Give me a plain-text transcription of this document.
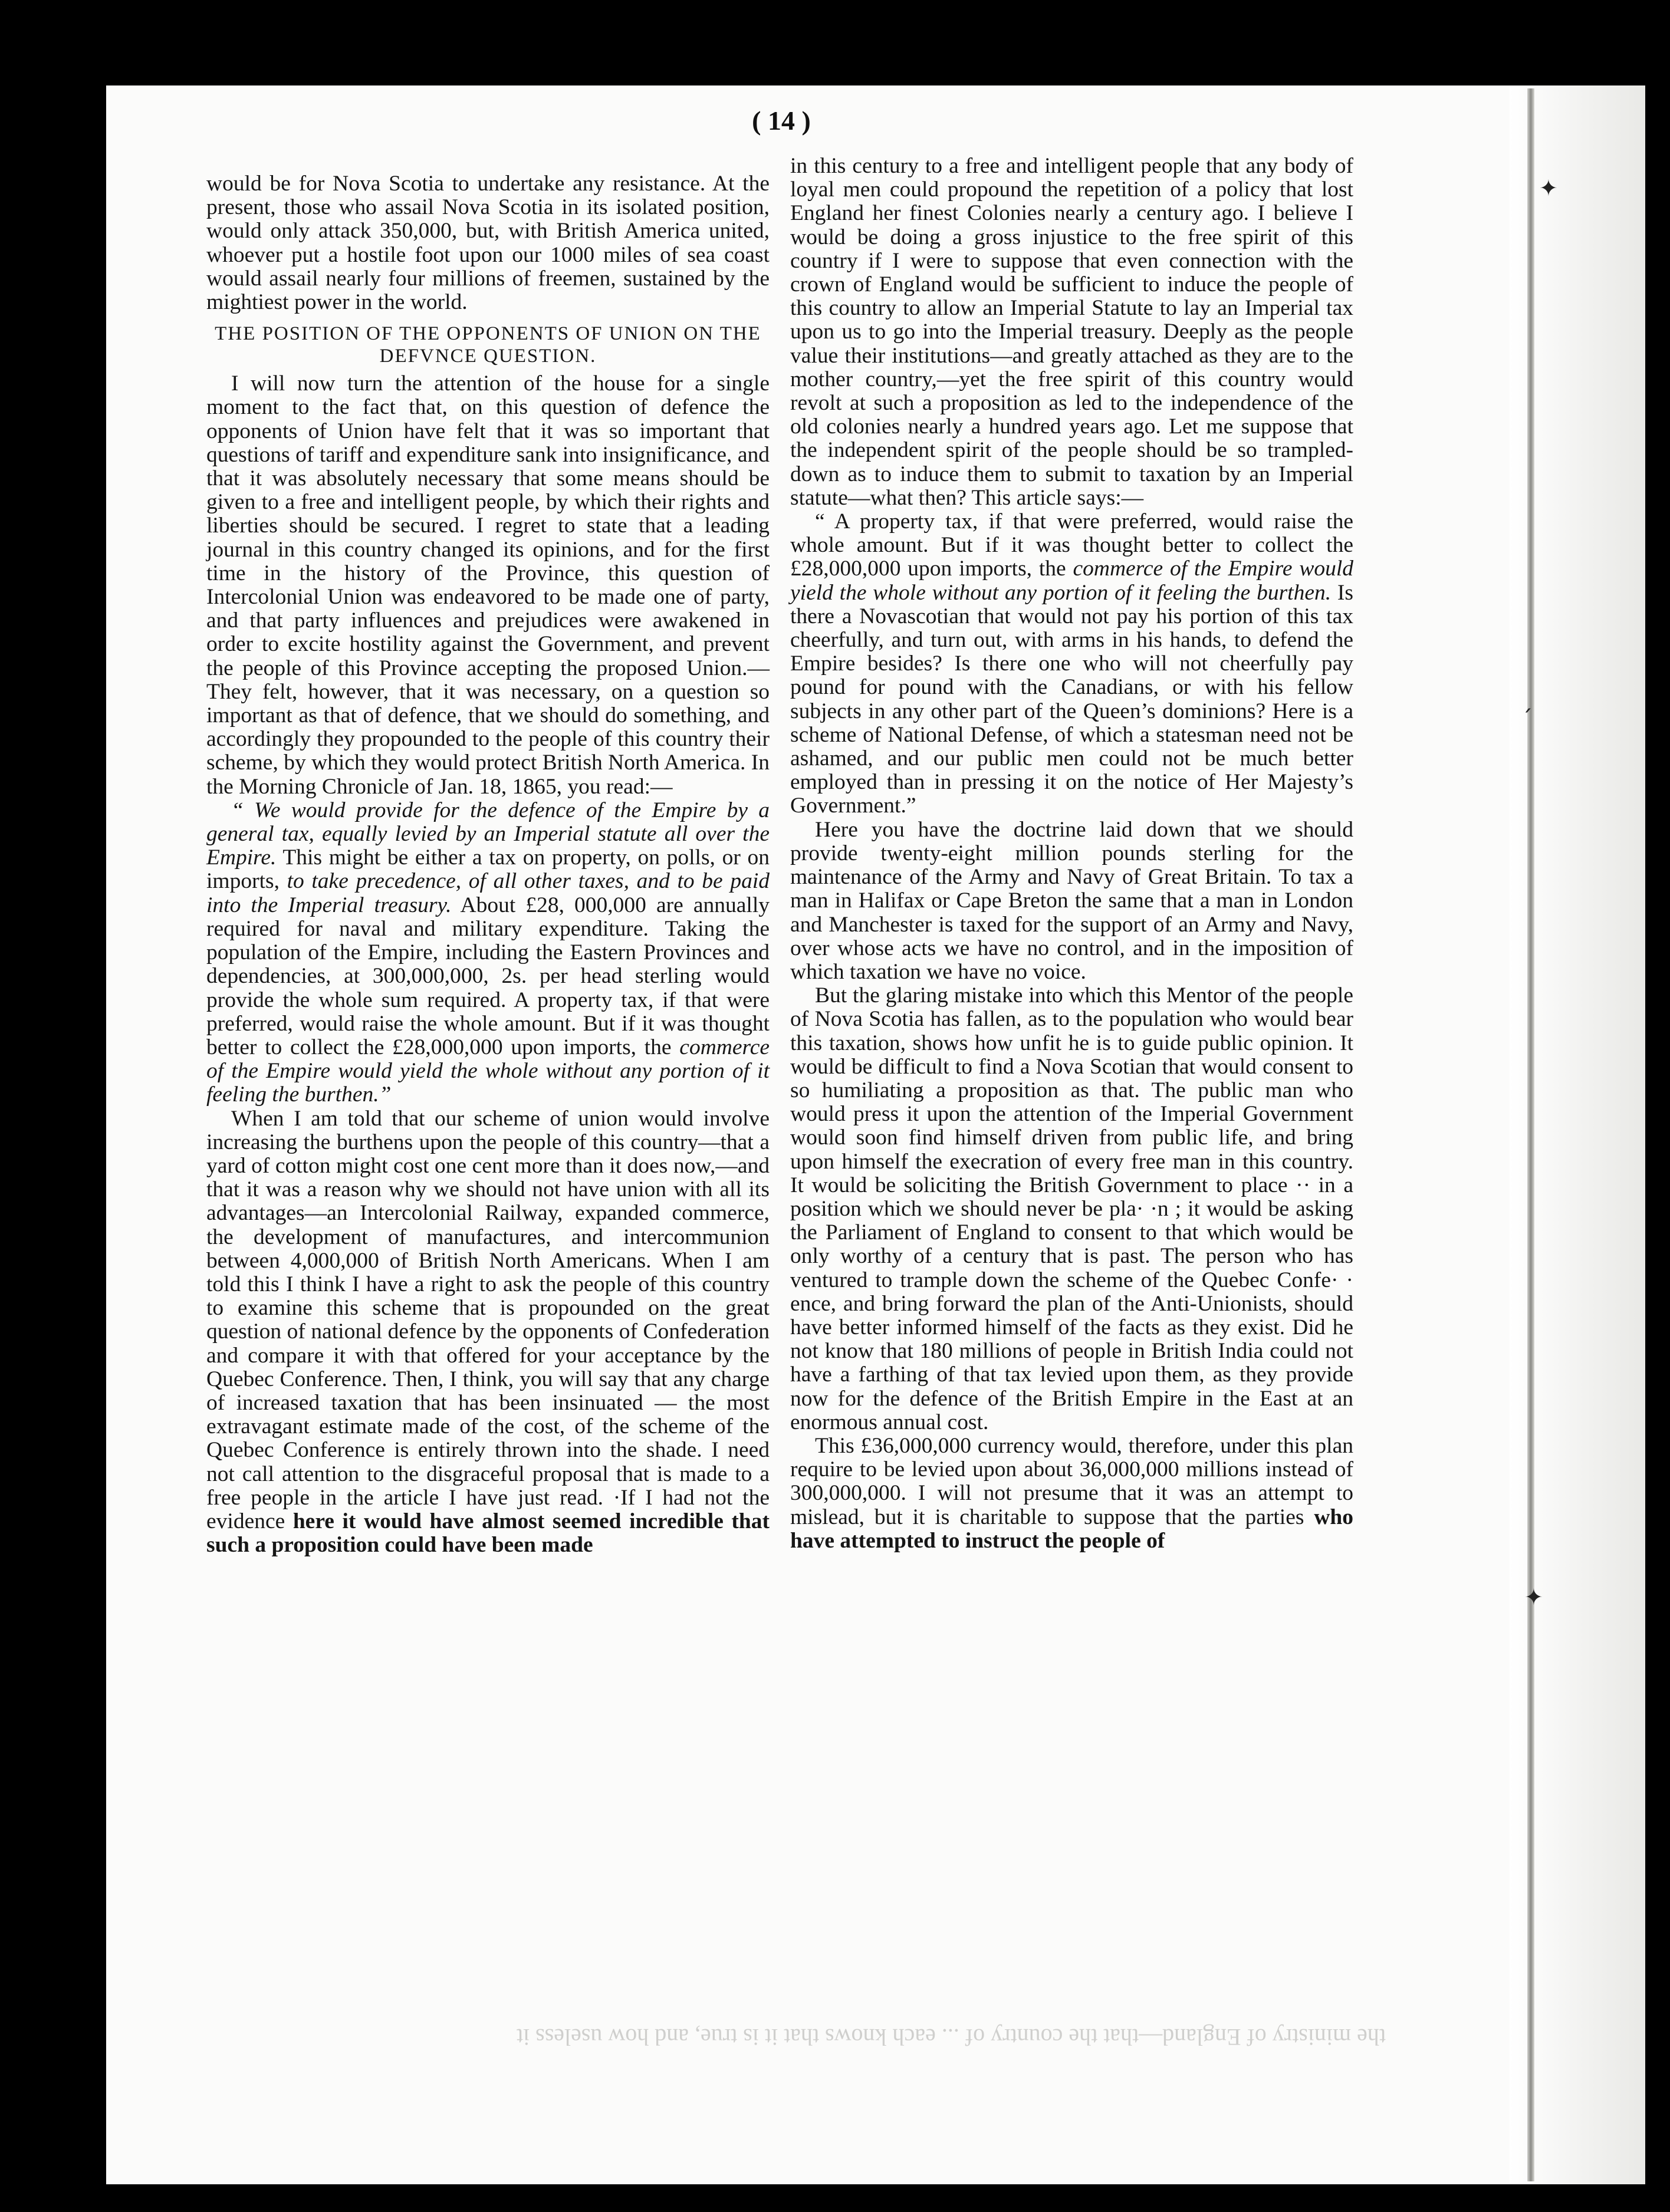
✦
ˊ
✦
the ministry of England—that the country of ... each knows that it is true, and how useless it
( 14 )

would be for Nova Scotia to undertake any resistance. At the present, those who assail Nova Scotia in its isolated position, would only attack 350,000, but, with British America united, whoever put a hostile foot upon our 1000 miles of sea coast would assail nearly four millions of freemen, sustained by the mightiest power in the world.

THE POSITION OF THE OPPONENTS OF UNION ON THE DEFVNCE QUESTION.

I will now turn the attention of the house for a single moment to the fact that, on this question of defence the opponents of Union have felt that it was so important that questions of tariff and expenditure sank into insignificance, and that it was absolutely necessary that some means should be given to a free and intelligent people, by which their rights and liberties should be secured. I regret to state that a leading journal in this country changed its opinions, and for the first time in the history of the Province, this question of Intercolonial Union was endeavored to be made one of party, and that party influences and prejudices were awakened in order to excite hostility against the Government, and prevent the people of this Province accepting the proposed Union.—They felt, however, that it was necessary, on a question so important as that of defence, that we should do something, and accordingly they propounded to the people of this country their scheme, by which they would protect British North America. In the Morning Chronicle of Jan. 18, 1865, you read:—

“ We would provide for the defence of the Empire by a general tax, equally levied by an Imperial statute all over the Empire. This might be either a tax on property, on polls, or on imports, to take precedence, of all other taxes, and to be paid into the Imperial treasury. About £28, 000,000 are annually required for naval and military expenditure. Taking the population of the Empire, including the Eastern Provinces and dependencies, at 300,000,000, 2s. per head sterling would provide the whole sum required. A property tax, if that were preferred, would raise the whole amount. But if it was thought better to collect the £28,000,000 upon imports, the commerce of the Empire would yield the whole without any portion of it feeling the burthen.”

When I am told that our scheme of union would involve increasing the burthens upon the people of this country—that a yard of cotton might cost one cent more than it does now,—and that it was a reason why we should not have union with all its advantages—an Intercolonial Railway, expanded commerce, the development of manufactures, and intercommunion between 4,000,000 of British North Americans. When I am told this I think I have a right to ask the people of this country to examine this scheme that is propounded on the great question of national defence by the opponents of Confederation and compare it with that offered for your acceptance by the Quebec Conference. Then, I think, you will say that any charge of increased taxation that has been insinuated — the most extravagant estimate made of the cost, of the scheme of the Quebec Conference is entirely thrown into the shade. I need not call attention to the disgraceful proposal that is made to a free people in the article I have just read. ·If I had not the evidence here it would have almost seemed incredible that such a proposition could have been made

in this century to a free and intelligent people that any body of loyal men could propound the repetition of a policy that lost England her finest Colonies nearly a century ago. I believe I would be doing a gross injustice to the free spirit of this country if I were to suppose that even connection with the crown of England would be sufficient to induce the people of this country to allow an Imperial Statute to lay an Imperial tax upon us to go into the Imperial treasury. Deeply as the people value their institutions—and greatly attached as they are to the mother country,—yet the free spirit of this country would revolt at such a proposition as led to the independence of the old colonies nearly a hundred years ago. Let me suppose that the independent spirit of the people should be so trampled-down as to induce them to submit to taxation by an Imperial statute—what then? This article says:—

“ A property tax, if that were preferred, would raise the whole amount. But if it was thought better to collect the £28,000,000 upon imports, the commerce of the Empire would yield the whole without any portion of it feeling the burthen. Is there a Novascotian that would not pay his portion of this tax cheerfully, and turn out, with arms in his hands, to defend the Empire besides? Is there one who will not cheerfully pay pound for pound with the Canadians, or with his fellow subjects in any other part of the Queen’s dominions? Here is a scheme of National Defense, of which a statesman need not be ashamed, and our public men could not be much better employed than in pressing it on the notice of Her Majesty’s Government.”

Here you have the doctrine laid down that we should provide twenty-eight million pounds sterling for the maintenance of the Army and Navy of Great Britain. To tax a man in Halifax or Cape Breton the same that a man in London and Manchester is taxed for the support of an Army and Navy, over whose acts we have no control, and in the imposition of which taxation we have no voice.

But the glaring mistake into which this Mentor of the people of Nova Scotia has fallen, as to the population who would bear this taxation, shows how unfit he is to guide public opinion. It would be difficult to find a Nova Scotian that would consent to so humiliating a proposition as that. The public man who would press it upon the attention of the Imperial Government would soon find himself driven from public life, and bring upon himself the execration of every free man in this country. It would be soliciting the British Government to place ·· in a position which we should never be pla· ·n ; it would be asking the Parliament of England to consent to that which would be only worthy of a century that is past. The person who has ventured to trample down the scheme of the Quebec Confe· · ence, and bring forward the plan of the Anti-Unionists, should have better informed himself of the facts as they exist. Did he not know that 180 millions of people in British India could not have a farthing of that tax levied upon them, as they provide now for the defence of the British Empire in the East at an enormous annual cost.

This £36,000,000 currency would, therefore, under this plan require to be levied upon about 36,000,000 millions instead of 300,000,000. I will not presume that it was an attempt to mislead, but it is charitable to suppose that the parties who have attempted to instruct the people of
